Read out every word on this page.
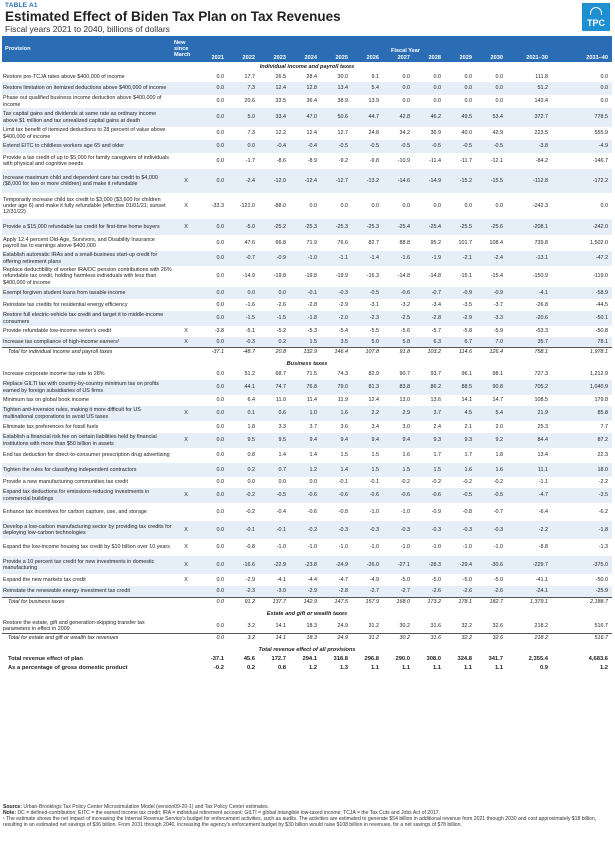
TABLE A1
Estimated Effect of Biden Tax Plan on Tax Revenues
Fiscal years 2021 to 2040, billions of dollars
TPC
Provision	New since March	Fiscal Year											
		2021	2022	2023	2024	2025	2026	2027	2028	2029	2030	2021–30	2031–40
Individual income and payroll taxes													
Restore pre-TCJA rates above $400,000 of income		0.0	17.7	26.5	28.4	30.0	9.1	0.0	0.0	0.0	0.0	111.8	0.0
Restore limitation on itemized deductions above $400,000 of income		0.0	7.3	12.4	12.8	13.4	5.4	0.0	0.0	0.0	0.0	51.2	0.0
Phase out qualified business income deduction above $400,000 of income		0.0	20.6	33.5	36.4	38.9	13.9	0.0	0.0	0.0	0.0	143.4	0.0
Tax capital gains and dividends at same rate as ordinary income above $1 million and tax unrealized capital gains at death		0.0	5.0	33.4	47.0	50.6	44.7	42.8	46.2	49.5	53.4	372.7	778.5
Limit tax benefit of itemized deductions to 28 percent of value above $400,000 of income		0.0	7.3	12.2	12.4	12.7	24.8	34.2	36.9	40.0	42.9	223.5	555.9
Extend EITC to childless workers age 65 and older		0.0	0.0	-0.4	-0.4	-0.5	-0.5	-0.5	-0.5	-0.5	-0.5	-3.8	-4.9
Provide a tax credit of up to $5,000 for family caregivers of individuals with physical and cognitive needs		0.0	-1.7	-8.6	-8.9	-9.2	-9.8	-10.9	-11.4	-11.7	-12.1	-84.2	-146.7
Increase maximum child and dependent care tax credit to $4,000 ($8,000 for two or more children) and make it refundable	X	0.0	-2.4	-12.0	-12.4	-12.7	-13.2	-14.6	-14.9	-15.2	-15.5	-112.8	-172.2
Temporarily increase child tax credit to $3,000 ($3,600 for children under age 6) and make it fully refundable (effective 01/01/21; sunset 12/31/22)	X	-33.3	-121.0	-88.0	0.0	0.0	0.0	0.0	0.0	0.0	0.0	-242.3	0.0
Provide a $15,000 refundable tax credit for first-time home buyers	X	0.0	-5.0	-25.2	-25.3	-25.3	-25.3	-25.4	-25.4	-25.5	-25.6	-208.1	-242.0
Apply 12.4 percent Old-Age, Survivors, and Disability Insurance payroll tax to earnings above $400,000		0.0	47.6	66.8	71.9	76.6	82.7	88.8	95.2	101.7	108.4	739.8	1,502.0
Establish automatic IRAs and a small-business start-up credit for offering retirement plans		0.0	-0.7	-0.9	-1.0	-1.1	-1.4	-1.6	-1.9	-2.1	-2.4	-13.1	-47.2
Replace deductibility of worker IRA/DC pension contributions with 26% refundable tax credit, holding harmless individuals with less than $400,000 of income		0.0	-14.9	-19.8	-19.8	-19.9	-16.3	-14.8	-14.8	-15.1	-15.4	-150.9	-119.0
Exempt forgiven student loans from taxable income		0.0	0.0	0.0	-0.1	-0.3	-0.5	-0.6	-0.7	-0.9	-0.9	-4.1	-58.9
Reinstate tax credits for residential energy efficiency		0.0	-1.6	-2.6	-2.8	-2.9	-3.1	-3.2	-3.4	-3.5	-3.7	-26.8	-44.5
Restore full electric-vehicle tax credit and target it to middle-income consumers		0.0	-1.5	-1.5	-1.8	-2.0	-2.3	-2.5	-2.8	-2.9	-3.3	-20.6	-50.1
Provide refundable low-income renter's credit	X	-3.8	-5.1	-5.2	-5.3	-5.4	-5.5	-5.6	-5.7	-5.8	-5.9	-53.3	-50.8
Increase tax compliance of high-income earners¹	X	0.0	-0.3	0.2	1.5	3.5	5.0	5.8	6.3	6.7	7.0	35.7	78.1
Total for individual income and payroll taxes		-37.1	-48.7	20.8	132.9	146.4	107.8	91.8	103.2	114.6	126.4	758.1	1,978.1

Business taxes													
Increase corporate income tax rate to 28%		0.0	51.2	68.7	71.5	74.3	82.9	90.7	93.7	96.1	98.1	727.3	1,212.9
Replace GILTI tax with country-by-country minimum tax on profits earned by foreign subsidiaries of US firms		0.0	44.1	74.7	76.8	79.0	81.3	83.8	86.2	88.5	90.8	705.2	1,040.9
Minimum tax on global book income		0.0	6.4	11.0	11.4	11.9	12.4	13.0	13.6	14.1	14.7	108.5	179.8
Tighten anti-inversion rules, making it more difficult for US multinational corporations to avoid US taxes	X	0.0	0.1	0.6	1.0	1.6	2.2	2.9	3.7	4.5	5.4	21.9	85.8
Eliminate tax preferences for fossil fuels		0.0	1.8	3.3	3.7	3.6	3.4	3.0	2.4	2.1	2.0	25.3	7.7
Establish a financial risk fee on certain liabilities held by financial institutions with more than $50 billion in assets	X	0.0	9.5	9.5	9.4	9.4	9.4	9.4	9.3	9.3	9.2	84.4	87.2
End tax deduction for direct-to-consumer prescription drug advertising		0.0	0.8	1.4	1.4	1.5	1.5	1.6	1.7	1.7	1.8	13.4	22.3
Tighten the rules for classifying independent contractors		0.0	0.2	0.7	1.2	1.4	1.5	1.5	1.5	1.6	1.6	11.1	18.0
Provide a new manufacturing communities tax credit		0.0	0.0	0.0	0.0	-0.1	-0.1	-0.2	-0.2	-0.2	-0.2	-1.1	-2.2
Expand tax deductions for emissions-reducing investments in commercial buildings	X	0.0	-0.2	-0.5	-0.6	-0.6	-0.6	-0.6	-0.6	-0.5	-0.5	-4.7	-3.5
Enhance tax incentives for carbon capture, use, and storage		0.0	-0.2	-0.4	-0.6	-0.8	-1.0	-1.0	-0.9	-0.8	-0.7	-6.4	-6.2
Develop a low-carbon manufacturing sector by providing tax credits for deploying low-carbon technologies	X	0.0	-0.1	-0.1	-0.2	-0.3	-0.3	-0.3	-0.3	-0.3	-0.3	-2.2	-1.8
Expand the low-income housing tax credit by $10 billion over 10 years	X	0.0	-0.8	-1.0	-1.0	-1.0	-1.0	-1.0	-1.0	-1.0	-1.0	-8.8	-1.3
Provide a 10 percent tax credit for new investments in domestic manufacturing	X	0.0	-16.6	-22.9	-23.8	-24.9	-26.0	-27.1	-28.3	-29.4	-30.6	-229.7	-375.0
Expand the new markets tax credit	X	0.0	-2.9	-4.1	-4.4	-4.7	-4.9	-5.0	-5.0	-5.0	-5.0	-41.1	-50.0
Reinstate the renewable energy investment tax credit		0.0	-2.3	-3.0	-2.9	-2.8	-2.7	-2.7	-2.6	-2.6	-2.6	-24.1	-25.9
Total for business taxes		0.0	91.2	137.7	142.9	147.5	157.9	168.0	173.2	178.1	182.7	1,379.1	2,188.7

Estate and gift or wealth taxes													
Restore the estate, gift and generation-skipping transfer tax parameters in effect in 2009		0.0	3.2	14.1	18.3	24.9	31.2	30.2	31.6	32.2	32.6	218.2	516.7
Total for estate and gift or wealth tax revenues		0.0	3.2	14.1	18.3	24.9	31.2	30.2	31.6	32.2	32.6	218.2	516.7

Total revenue effect of all provisions													
Total revenue effect of plan		-37.1	45.6	172.7	294.1	318.8	296.8	290.0	308.0	324.8	341.7	2,355.4	4,683.6
As a percentage of gross domestic product		-0.2	0.2	0.8	1.2	1.3	1.1	1.1	1.1	1.1	1.1	0.9	1.2
Source: Urban-Brookings Tax Policy Center Microsimulation Model (version09-20-1) and Tax Policy Center estimates.
Note: DC = defined-contribution; EITC = the earned income tax credit; IRA = individual retirement account; GILTI = global intangible low-taxed income; TCJA = the Tax Cuts and Jobs Act of 2017.
¹ The estimate shows the net impact of increasing the Internal Revenue Service's budget for enforcement activities, such as audits. The activities are estimated to generate $54 billion in additional revenue from 2021 through 2030 and cost approximately $18 billion, resulting in an estimated net savings of $36 billion. From 2031 through 2040, increasing the agency's enforcement budget by $30 billion would raise $108 billion in revenues, for a net savings of $78 billion.
